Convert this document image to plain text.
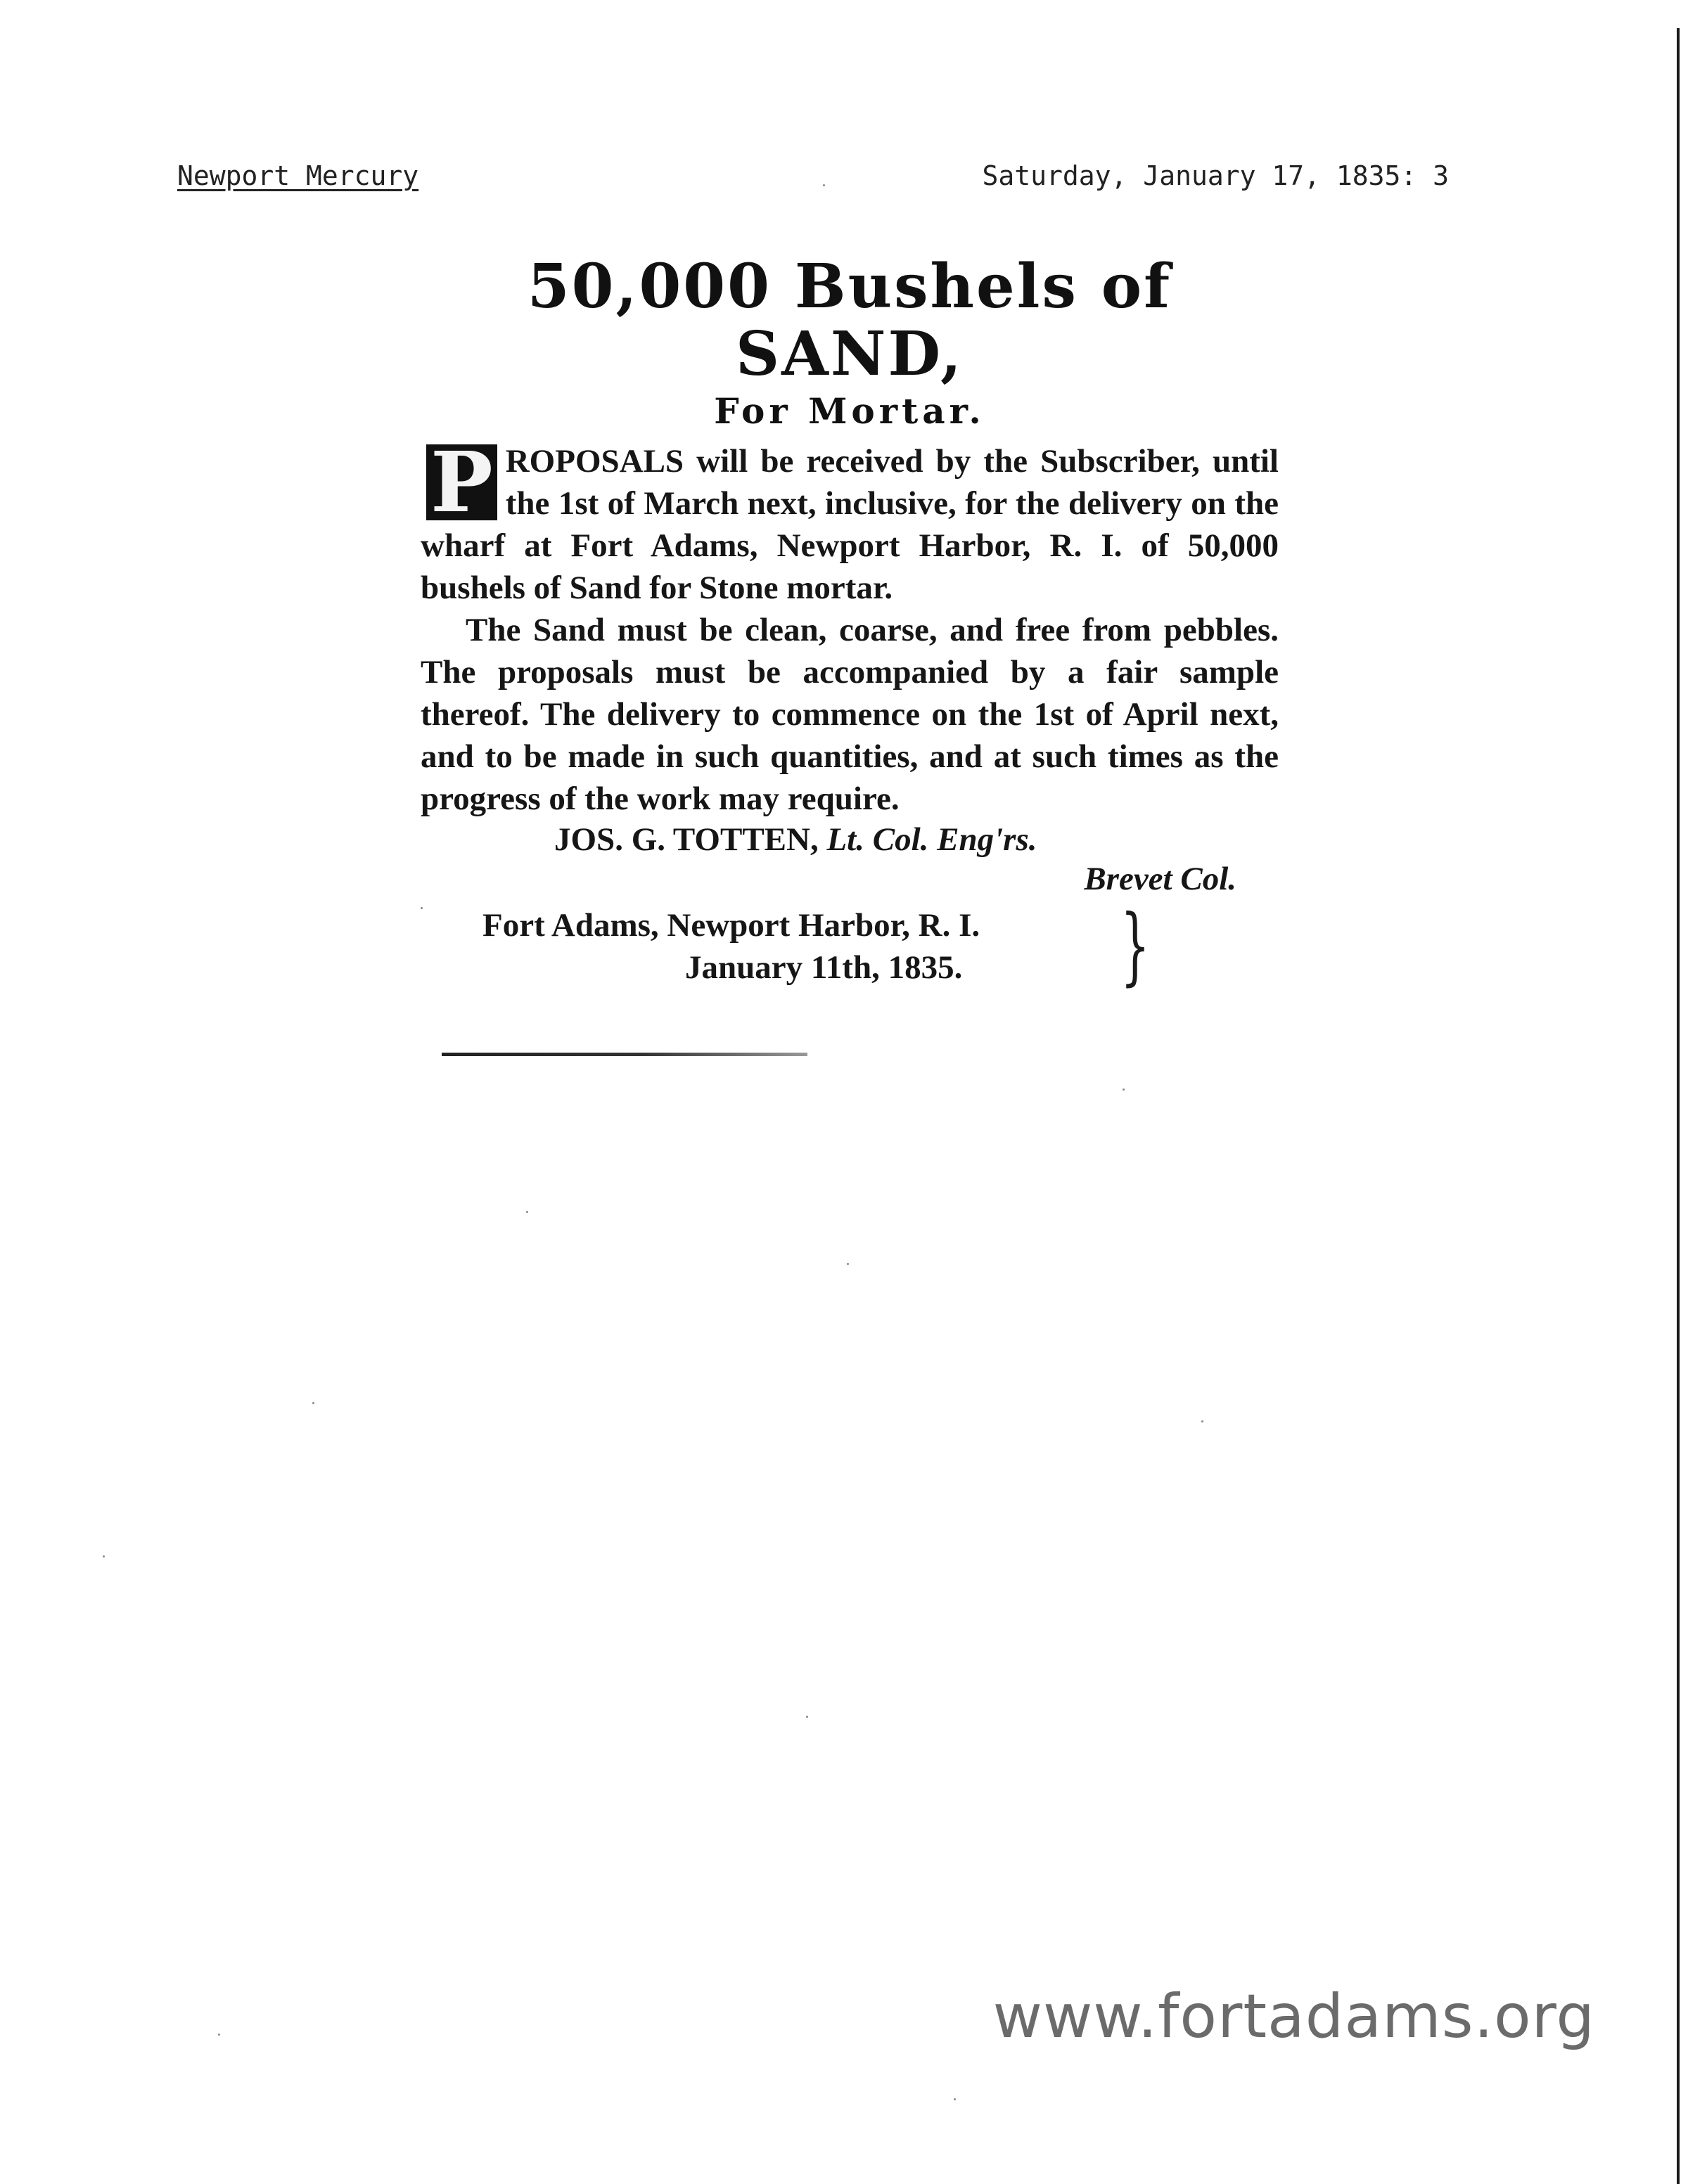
Newport Mercury	Saturday, January 17, 1835: 3
50,000 Bushels of SAND,
For Mortar.

P ROPOSALS will be received by the Subscriber, until the 1st of March next, inclusive, for the delivery on the wharf at Fort Adams, Newport Harbor, R. I. of 50,000 bushels of Sand for Stone mortar.

The Sand must be clean, coarse, and free from pebbles. The proposals must be accompanied by a fair sample thereof. The delivery to commence on the 1st of April next, and to be made in such quantities, and at such times as the progress of the work may require.

JOS. G. TOTTEN, Lt. Col. Eng'rs.

Brevet Col.

Fort Adams, Newport Harbor, R. I.
January 11th, 1835.	}
www.fortadams.org
